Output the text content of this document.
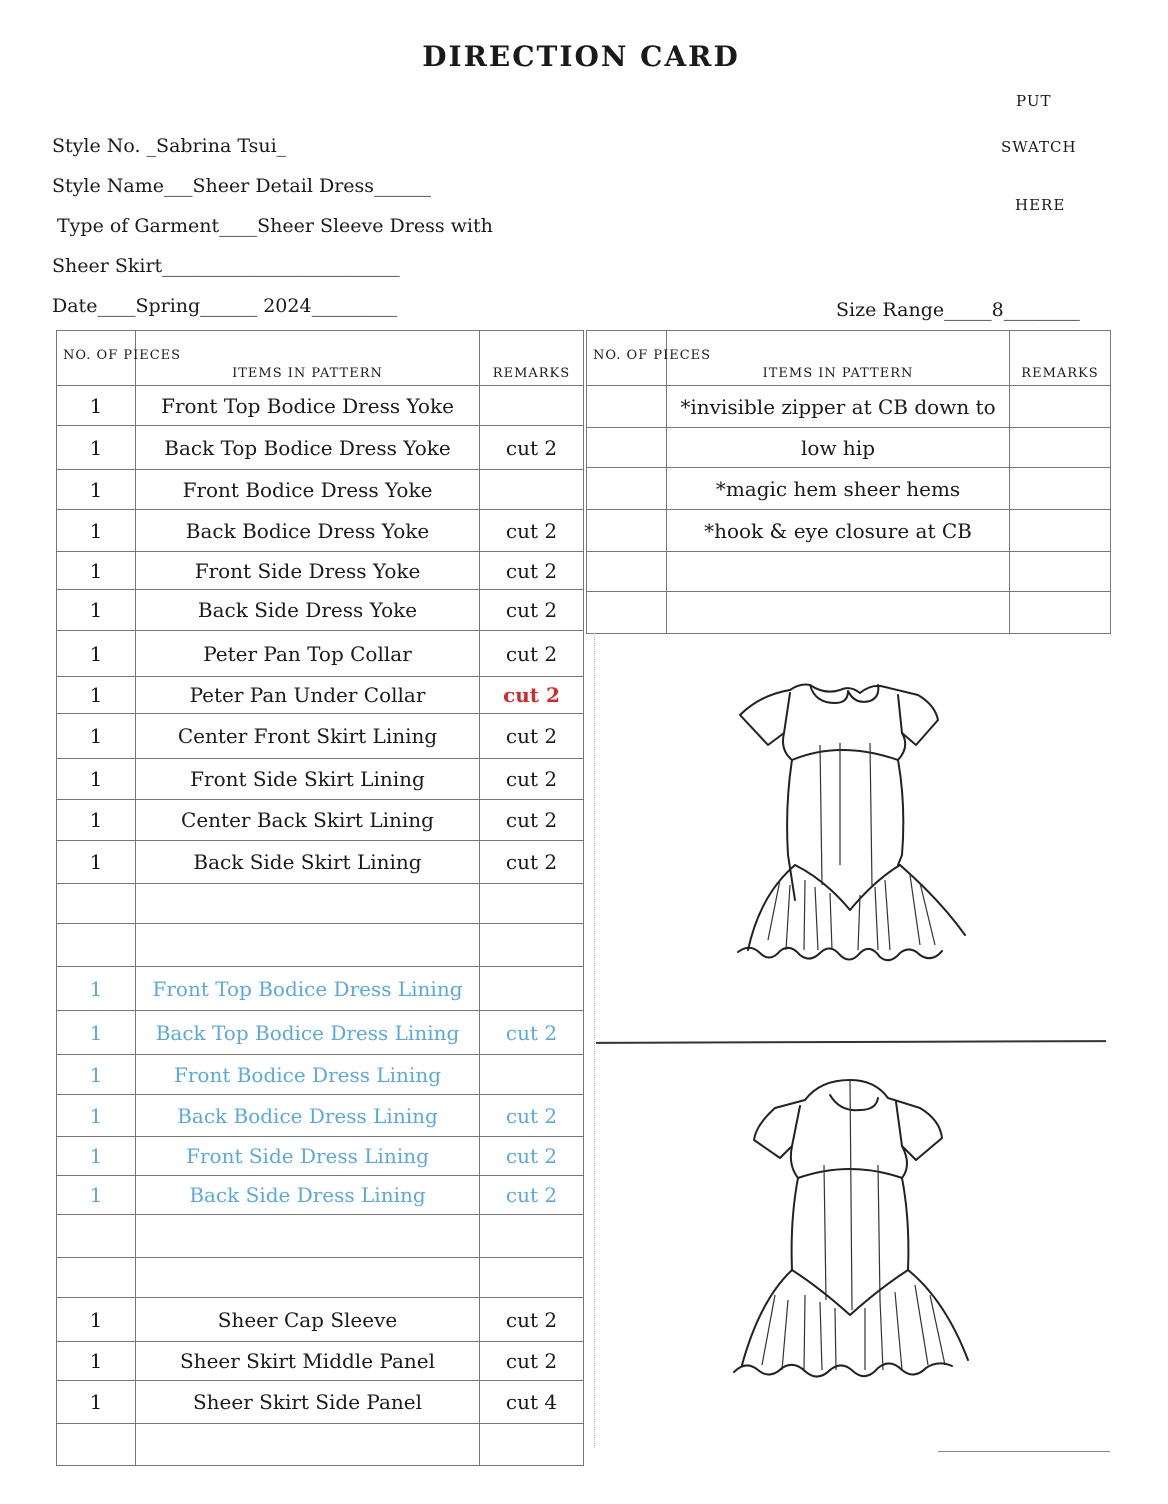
DIRECTION CARD
PUT
SWATCH
HERE
Style No. _Sabrina Tsui_
Style Name___Sheer Detail Dress______
Type of Garment____Sheer Sleeve Dress with
Sheer Skirt_________________________
Date____Spring______ 2024_________	Size Range_____8________
NO. OF PIECES	ITEMS IN PATTERN	REMARKS
1	Front Top Bodice Dress Yoke	
1	Back Top Bodice Dress Yoke	cut 2
1	Front Bodice Dress Yoke	
1	Back Bodice Dress Yoke	cut 2
1	Front Side Dress Yoke	cut 2
1	Back Side Dress Yoke	cut 2
1	Peter Pan Top Collar	cut 2
1	Peter Pan Under Collar	cut 2
1	Center Front Skirt Lining	cut 2
1	Front Side Skirt Lining	cut 2
1	Center Back Skirt Lining	cut 2
1	Back Side Skirt Lining	cut 2

1	Front Top Bodice Dress Lining	
1	Back Top Bodice Dress Lining	cut 2
1	Front Bodice Dress Lining	
1	Back Bodice Dress Lining	cut 2
1	Front Side Dress Lining	cut 2
1	Back Side Dress Lining	cut 2

1	Sheer Cap Sleeve	cut 2
1	Sheer Skirt Middle Panel	cut 2
1	Sheer Skirt Side Panel	cut 4

NO. OF PIECES	ITEMS IN PATTERN	REMARKS
	*invisible zipper at CB down to	
	low hip	
	*magic hem sheer hems	
	*hook & eye closure at CB	
